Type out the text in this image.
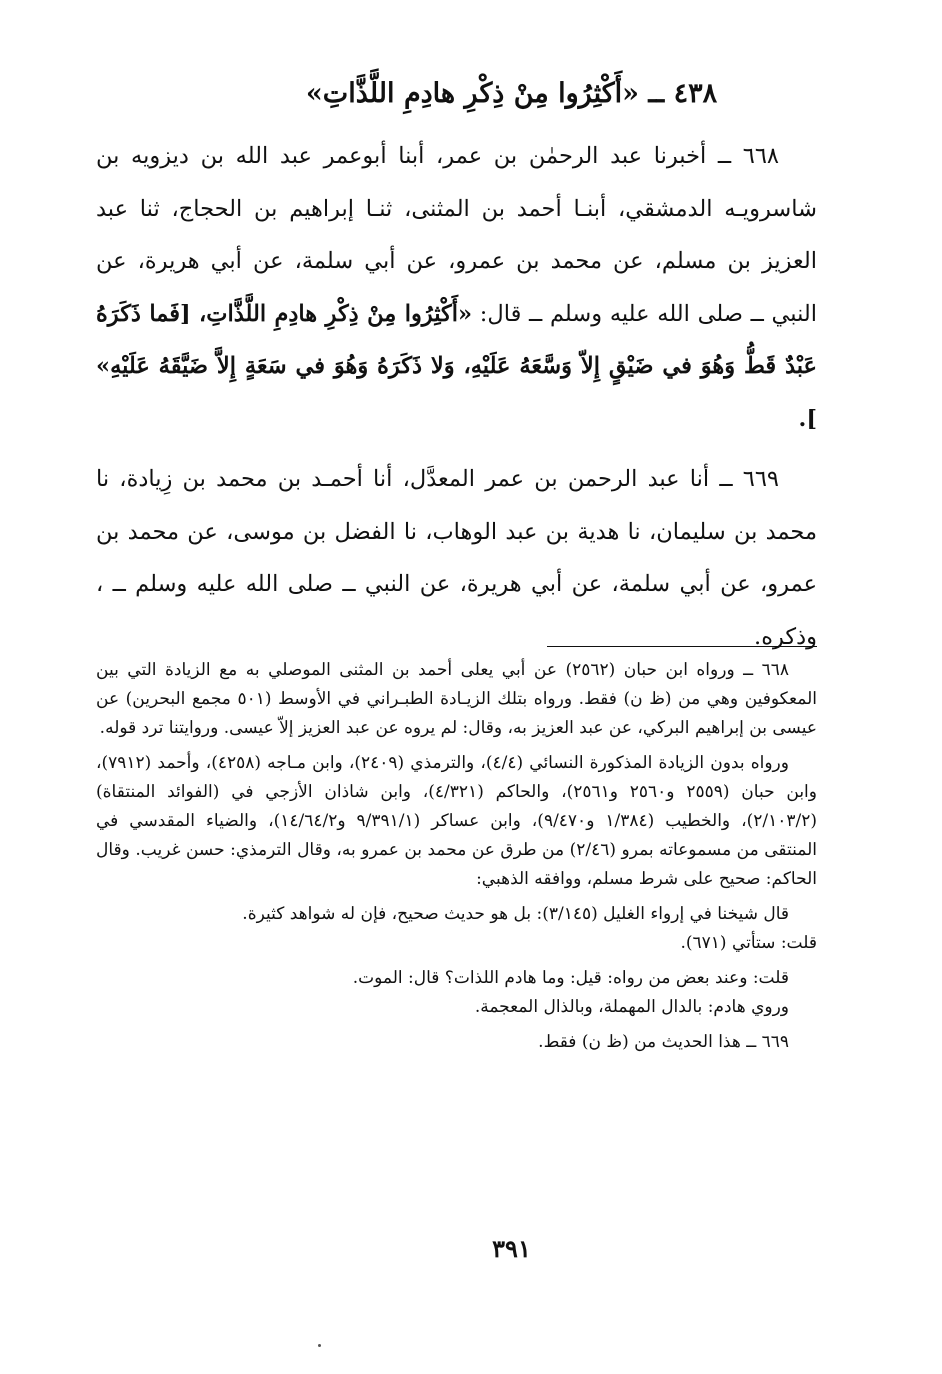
٤٣٨ ــ «أَكْثِرُوا مِنْ ذِكْرِ هادِمِ اللَّذَّاتِ»

٦٦٨ ــ أخبرنا عبد الرحمٰن بن عمر، أبنا أبوعمر عبد الله بن ديزويه بن شاسرويـه الدمشقي، أبنـا أحمد بن المثنى، ثنـا إبراهيم بن الحجاج، ثنا عبد العزيز بن مسلم، عن محمد بن عمرو، عن أبي سلمة، عن أبي هريرة، عن النبي ــ صلى الله عليه وسلم ــ قال: «أَكْثِرُوا مِنْ ذِكْرِ هادِمِ اللَّذَّاتِ، [فَما ذَكَرَهُ عَبْدٌ قَطُّ وَهُوَ في ضَيْقٍ إِلاّ وَسَّعَهُ عَلَيْهِ، وَلا ذَكَرَهُ وَهُوَ في سَعَةٍ إِلاَّ ضَيَّقَهُ عَلَيْهِ» ].

٦٦٩ ــ أنا عبد الرحمن بن عمر المعدَّل، أنا أحمـد بن محمد بن زِيادة، نا محمد بن سليمان، نا هدية بن عبد الوهاب، نا الفضل بن موسى، عن محمد بن عمرو، عن أبي سلمة، عن أبي هريرة، عن النبي ــ صلى الله عليه وسلم ــ ، وذكره.

٦٦٨ ــ ورواه ابن حبان (٢٥٦٢) عن أبي يعلى أحمد بن المثنى الموصلي به مع الزيادة التي بين المعكوفين وهي من (ظ ن) فقط. ورواه بتلك الزيـادة الطبـراني في الأوسط (٥٠١ مجمع البحرين) عن عيسى بن إبراهيم البركي، عن عبد العزيز به، وقال: لم يروه عن عبد العزيز إلاّ عيسى. وروايتنا ترد قوله.

ورواه بدون الزيادة المذكورة النسائي (٤/٤)، والترمذي (٢٤٠٩)، وابن مـاجه (٤٢٥٨)، وأحمد (٧٩١٢)، وابن حبان (٢٥٥٩ و٢٥٦٠ و٢٥٦١)، والحاكم (٤/٣٢١)، وابن شاذان الأزجي في (الفوائد المنتقاة) (٢/١٠٣/٢)، والخطيب (١/٣٨٤ و٩/٤٧٠)، وابن عساكر (٩/٣٩١/١ و١٤/٦٤/٢)، والضياء المقدسي في المنتقى من مسموعاته بمرو (٢/٤٦) من طرق عن محمد بن عمرو به، وقال الترمذي: حسن غريب. وقال الحاكم: صحيح على شرط مسلم، ووافقه الذهبي:

قال شيخنا في إرواء الغليل (٣/١٤٥): بل هو حديث صحيح، فإن له شواهد كثيرة.

قلت: ستأتي (٦٧١).

قلت: وعند بعض من رواه: قيل: وما هادم اللذات؟ قال: الموت.

وروي هادم: بالدال المهملة، وبالذال المعجمة.

٦٦٩ ــ هذا الحديث من (ظ ن) فقط.

٣٩١
